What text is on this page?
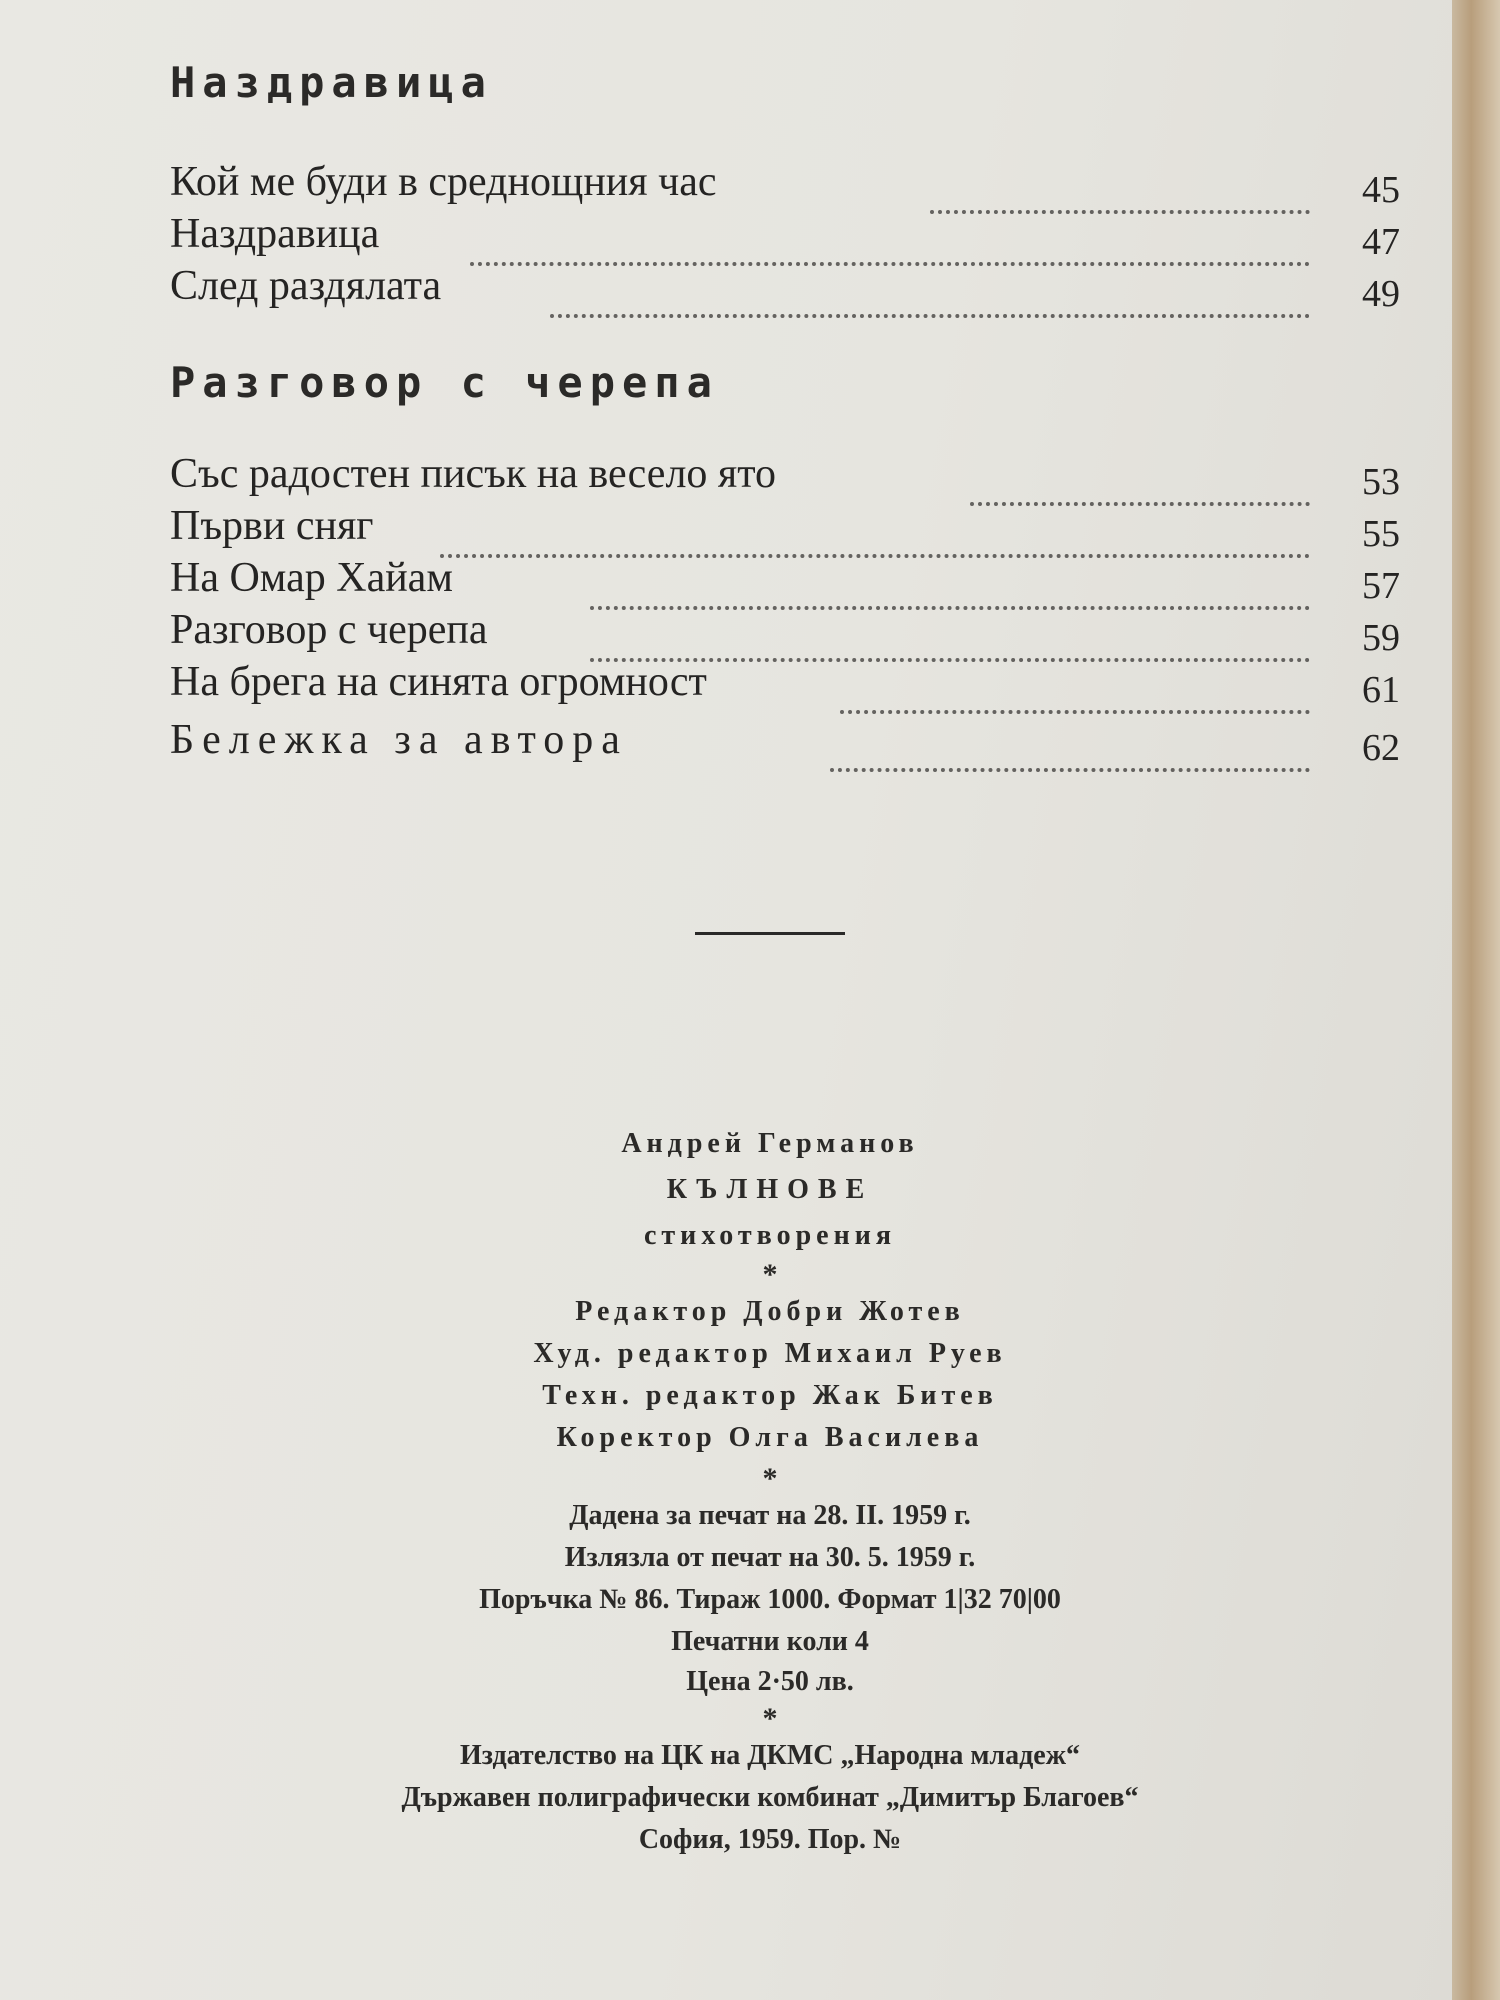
Наздравица
Кой ме буди в среднощния час	45
Наздравица	47
След раздялата	49
Разговор с черепа
Със радостен писък на весело ято	53
Първи сняг	55
На Омар Хайам	57
Разговор с черепа	59
На брега на синята огромност	61
Бележка за автора	62
Андрей Германов
КЪЛНОВЕ
стихотворения
*
Редактор Добри Жотев
Худ. редактор Михаил Руев
Техн. редактор Жак Битев
Коректор Олга Василева
*
Дадена за печат на 28. II. 1959 г.
Излязла от печат на 30. 5. 1959 г.
Поръчка № 86. Тираж 1000. Формат 1|32 70|00
Печатни коли 4
Цена 2·50 лв.
*
Издателство на ЦК на ДКМС „Народна младеж“
Държавен полиграфически комбинат „Димитър Благоев“
София, 1959. Пор. №
